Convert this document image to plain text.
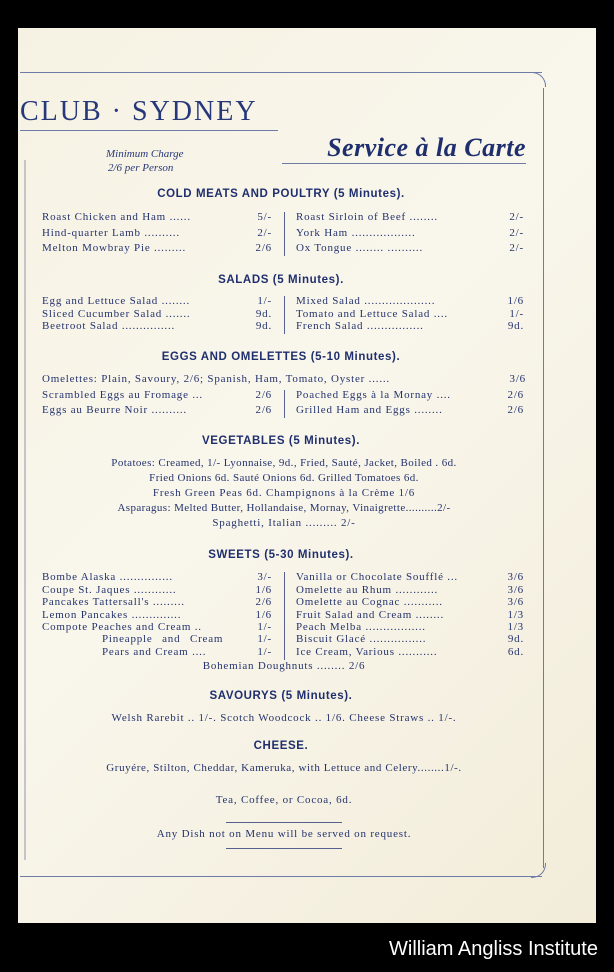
CLUB · SYDNEY
Minimum Charge
2/6 per Person
Service à la Carte
COLD MEATS AND POULTRY (5 Minutes).
Roast Chicken and Ham ......	5/-
Hind-quarter Lamb ..........	2/-
Melton Mowbray Pie .........	2/6
Roast Sirloin of Beef ........	2/-
York Ham ..................	2/-
Ox Tongue ........ ..........	2/-
SALADS (5 Minutes).
Egg and Lettuce Salad ........	1/-
Sliced Cucumber Salad .......	9d.
Beetroot Salad ...............	9d.
Mixed Salad ....................	1/6
Tomato and Lettuce Salad ....	1/-
French Salad ................	9d.
EGGS AND OMELETTES (5-10 Minutes).
Omelettes: Plain, Savoury, 2/6; Spanish, Ham, Tomato, Oyster ......	3/6
Scrambled Eggs au Fromage ...	2/6
Eggs au Beurre Noir ..........	2/6
Poached Eggs à la Mornay ....	2/6
Grilled Ham and Eggs ........	2/6
VEGETABLES (5 Minutes).
Potatoes: Creamed, 1/- Lyonnaise, 9d., Fried, Sauté, Jacket, Boiled . 6d.
Fried Onions 6d. Sauté Onions 6d. Grilled Tomatoes 6d.
Fresh Green Peas 6d. Champignons à la Crème 1/6
Asparagus: Melted Butter, Hollandaise, Mornay, Vinaigrette..........2/-
Spaghetti, Italian ......... 2/-
SWEETS (5-30 Minutes).
Bombe Alaska ...............	3/-
Coupe St. Jaques ............	1/6
Pancakes Tattersall's .........	2/6
Lemon Pancakes ..............	1/6
Compote Peaches and Cream ..	1/-
Pineapple and Cream	1/-
Pears and Cream ....	1/-
Vanilla or Chocolate Soufflé ...	3/6
Omelette au Rhum ............	3/6
Omelette au Cognac ...........	3/6
Fruit Salad and Cream ........	1/3
Peach Melba .................	1/3
Biscuit Glacé ................	9d.
Ice Cream, Various ...........	6d.
Bohemian Doughnuts ........ 2/6
SAVOURYS (5 Minutes).
Welsh Rarebit .. 1/-. Scotch Woodcock .. 1/6. Cheese Straws .. 1/-.
CHEESE.
Gruyére, Stilton, Cheddar, Kameruka, with Lettuce and Celery........1/-.
Tea, Coffee, or Cocoa, 6d.
Any Dish not on Menu will be served on request.
William Angliss Institute
